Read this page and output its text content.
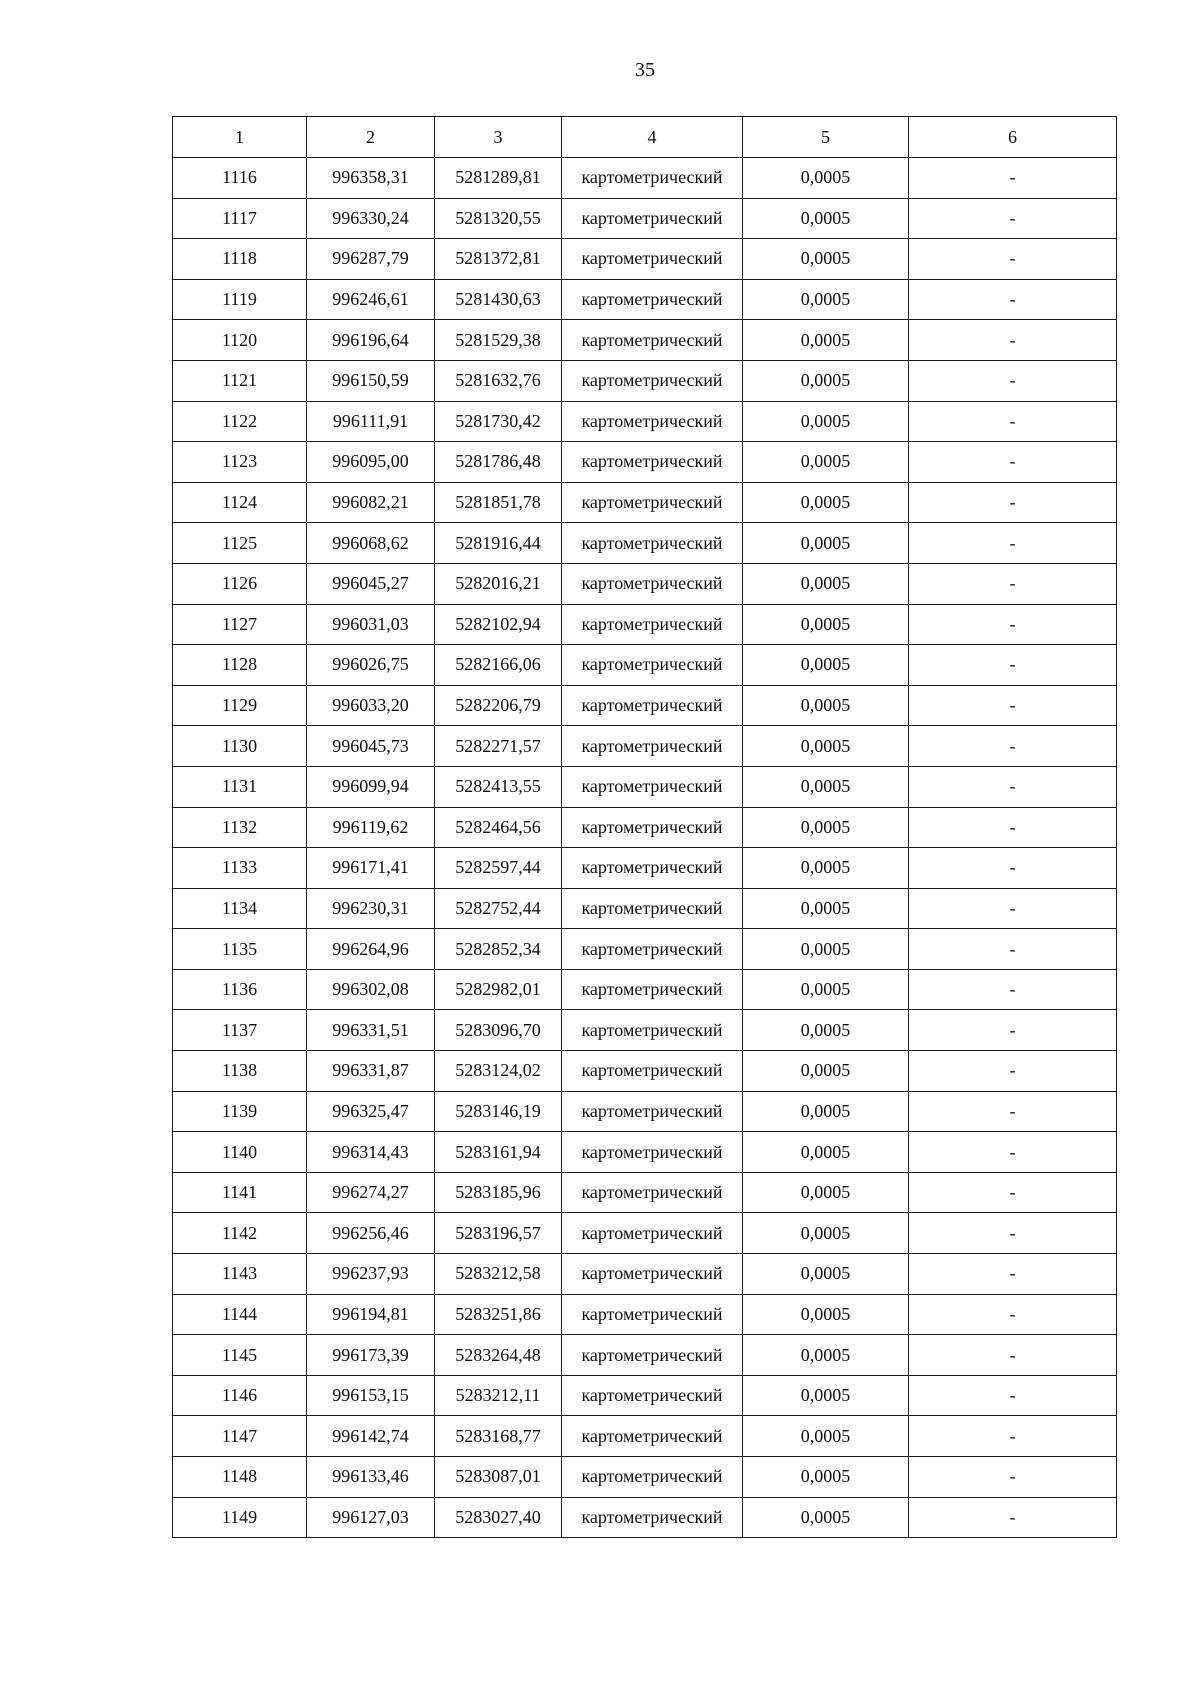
35
1	2	3	4	5	6
1116	996358,31	5281289,81	картометрический	0,0005	-
1117	996330,24	5281320,55	картометрический	0,0005	-
1118	996287,79	5281372,81	картометрический	0,0005	-
1119	996246,61	5281430,63	картометрический	0,0005	-
1120	996196,64	5281529,38	картометрический	0,0005	-
1121	996150,59	5281632,76	картометрический	0,0005	-
1122	996111,91	5281730,42	картометрический	0,0005	-
1123	996095,00	5281786,48	картометрический	0,0005	-
1124	996082,21	5281851,78	картометрический	0,0005	-
1125	996068,62	5281916,44	картометрический	0,0005	-
1126	996045,27	5282016,21	картометрический	0,0005	-
1127	996031,03	5282102,94	картометрический	0,0005	-
1128	996026,75	5282166,06	картометрический	0,0005	-
1129	996033,20	5282206,79	картометрический	0,0005	-
1130	996045,73	5282271,57	картометрический	0,0005	-
1131	996099,94	5282413,55	картометрический	0,0005	-
1132	996119,62	5282464,56	картометрический	0,0005	-
1133	996171,41	5282597,44	картометрический	0,0005	-
1134	996230,31	5282752,44	картометрический	0,0005	-
1135	996264,96	5282852,34	картометрический	0,0005	-
1136	996302,08	5282982,01	картометрический	0,0005	-
1137	996331,51	5283096,70	картометрический	0,0005	-
1138	996331,87	5283124,02	картометрический	0,0005	-
1139	996325,47	5283146,19	картометрический	0,0005	-
1140	996314,43	5283161,94	картометрический	0,0005	-
1141	996274,27	5283185,96	картометрический	0,0005	-
1142	996256,46	5283196,57	картометрический	0,0005	-
1143	996237,93	5283212,58	картометрический	0,0005	-
1144	996194,81	5283251,86	картометрический	0,0005	-
1145	996173,39	5283264,48	картометрический	0,0005	-
1146	996153,15	5283212,11	картометрический	0,0005	-
1147	996142,74	5283168,77	картометрический	0,0005	-
1148	996133,46	5283087,01	картометрический	0,0005	-
1149	996127,03	5283027,40	картометрический	0,0005	-
